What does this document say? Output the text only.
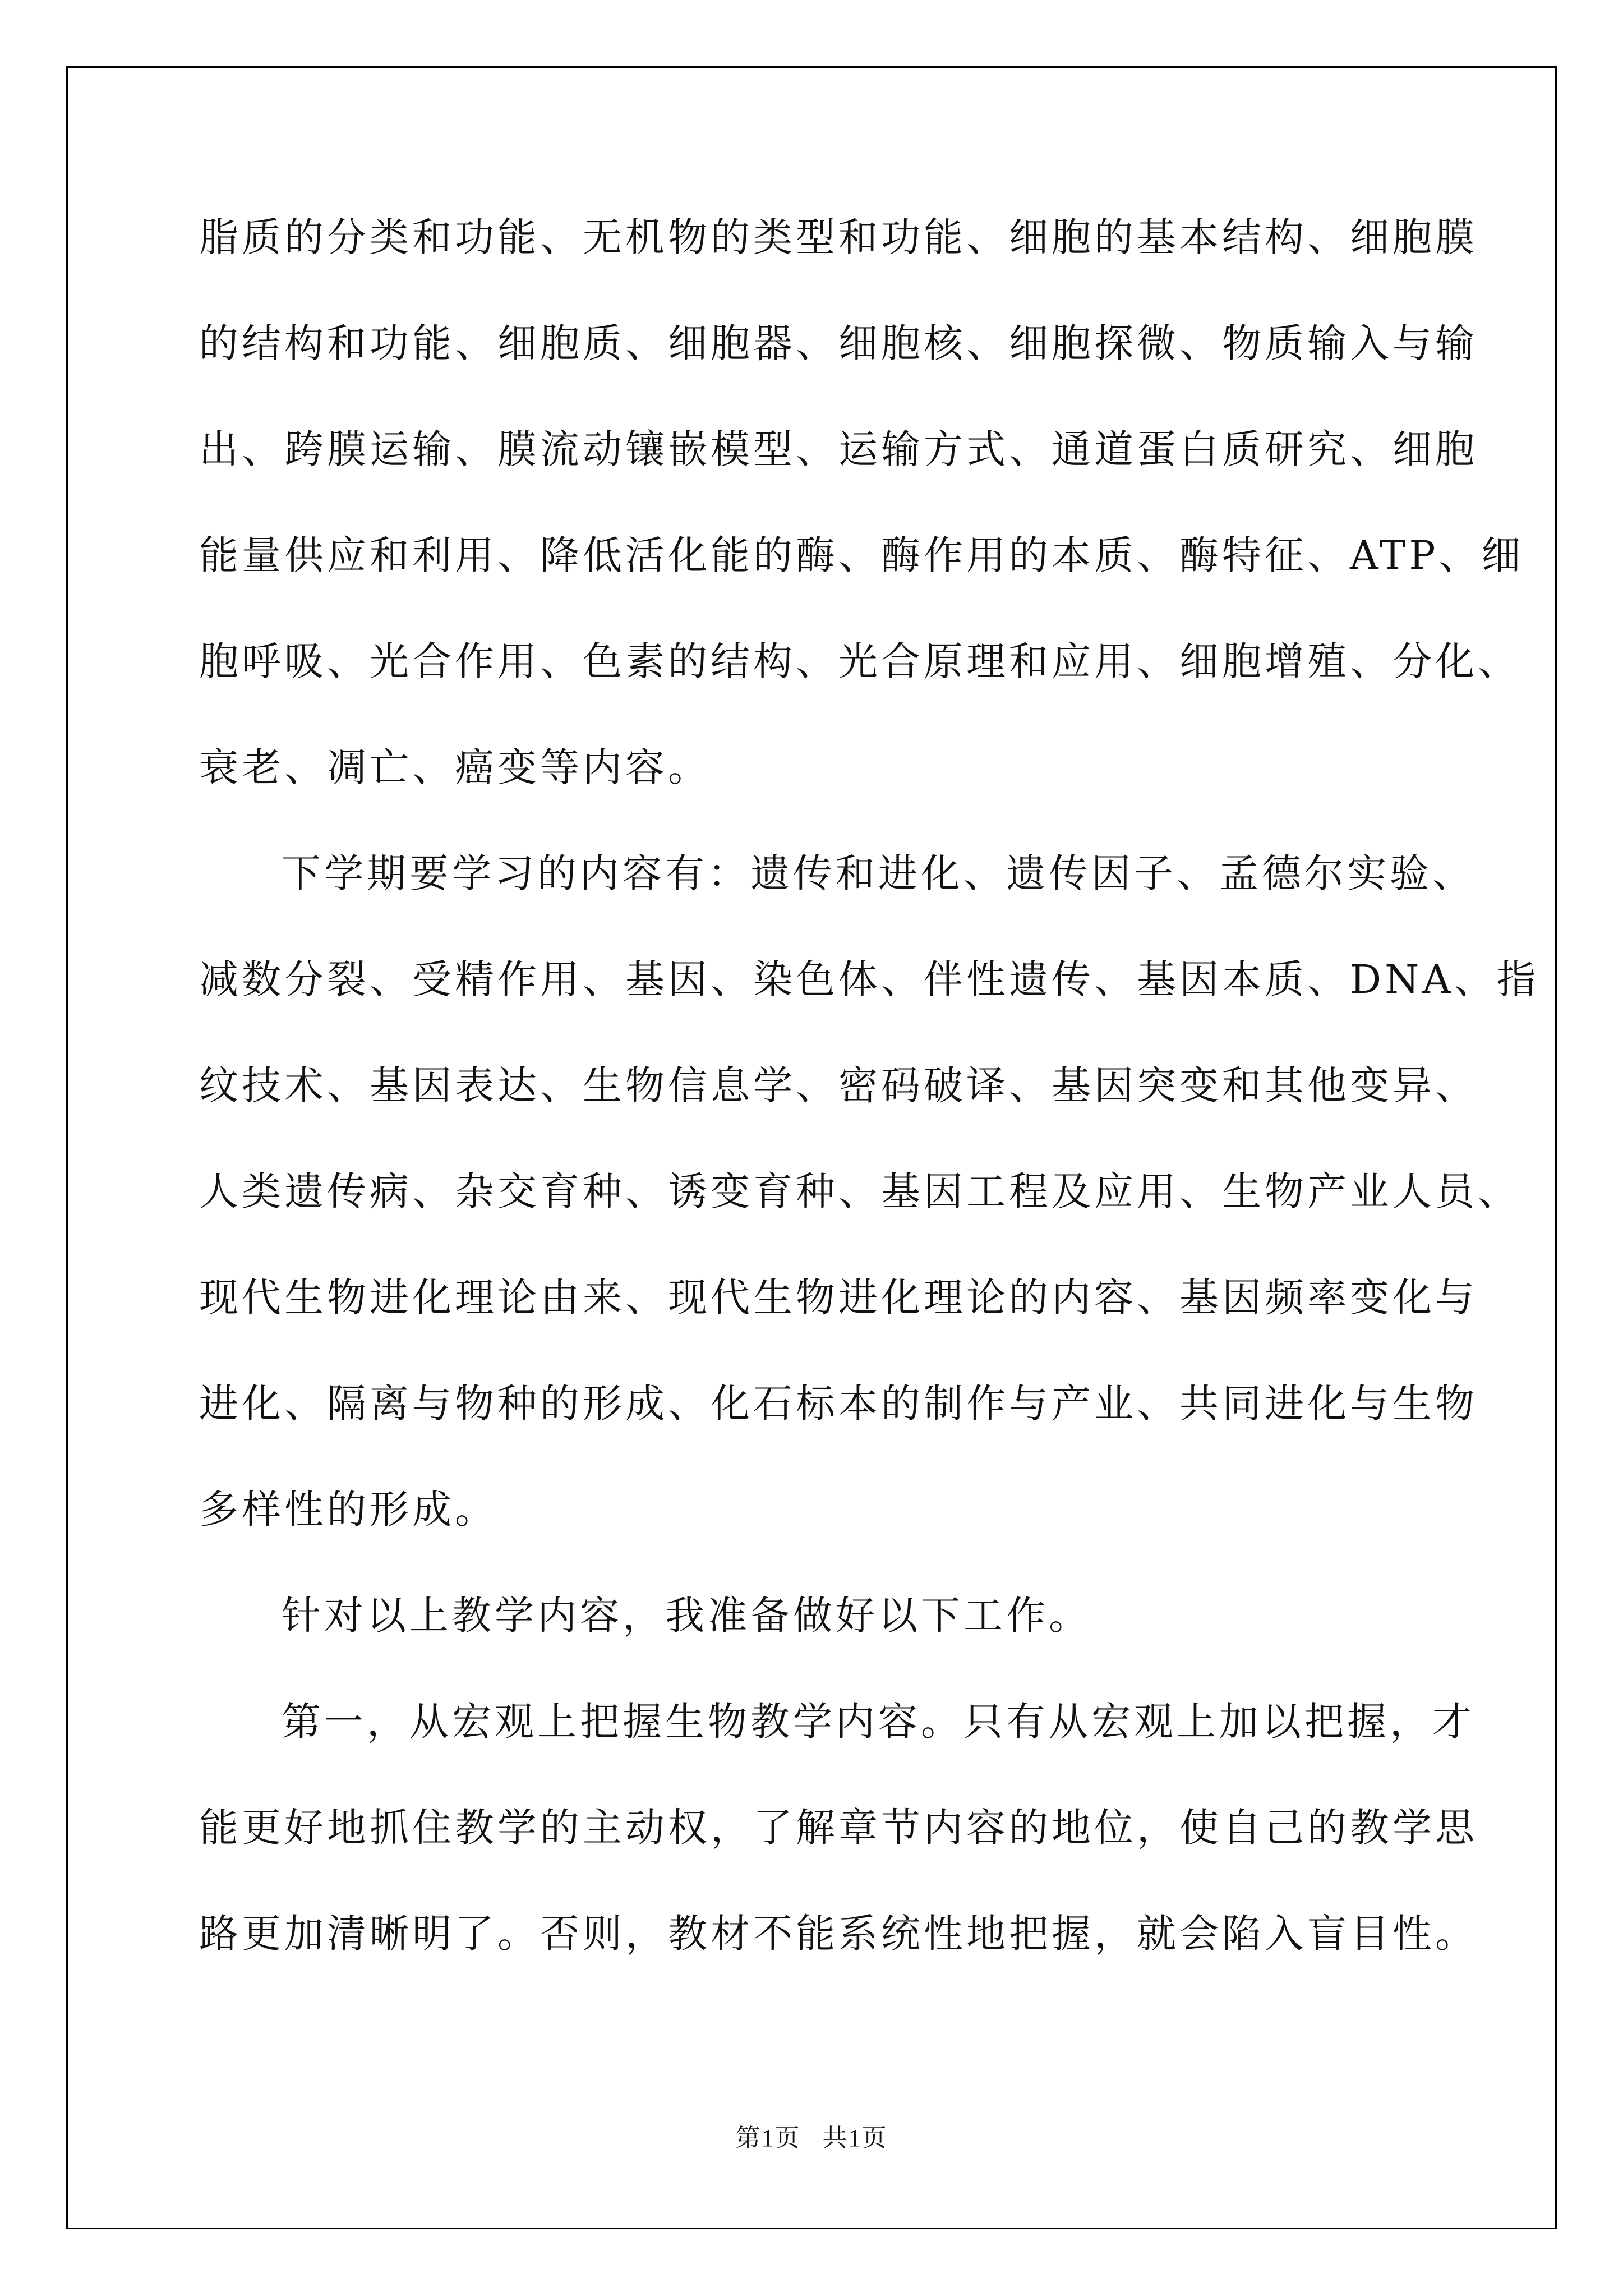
脂质的分类和功能、无机物的类型和功能、细胞的基本结构、细胞膜
的结构和功能、细胞质、细胞器、细胞核、细胞探微、物质输入与输
出、跨膜运输、膜流动镶嵌模型、运输方式、通道蛋白质研究、细胞
能量供应和利用、降低活化能的酶、酶作用的本质、酶特征、ATP、细
胞呼吸、光合作用、色素的结构、光合原理和应用、细胞增殖、分化、
衰老、凋亡、癌变等内容。
下学期要学习的内容有：遗传和进化、遗传因子、孟德尔实验、
减数分裂、受精作用、基因、染色体、伴性遗传、基因本质、DNA、指
纹技术、基因表达、生物信息学、密码破译、基因突变和其他变异、
人类遗传病、杂交育种、诱变育种、基因工程及应用、生物产业人员、
现代生物进化理论由来、现代生物进化理论的内容、基因频率变化与
进化、隔离与物种的形成、化石标本的制作与产业、共同进化与生物
多样性的形成。
针对以上教学内容，我准备做好以下工作。
第一，从宏观上把握生物教学内容。只有从宏观上加以把握，才
能更好地抓住教学的主动权，了解章节内容的地位，使自己的教学思
路更加清晰明了。否则，教材不能系统性地把握，就会陷入盲目性。
第1页   共1页
